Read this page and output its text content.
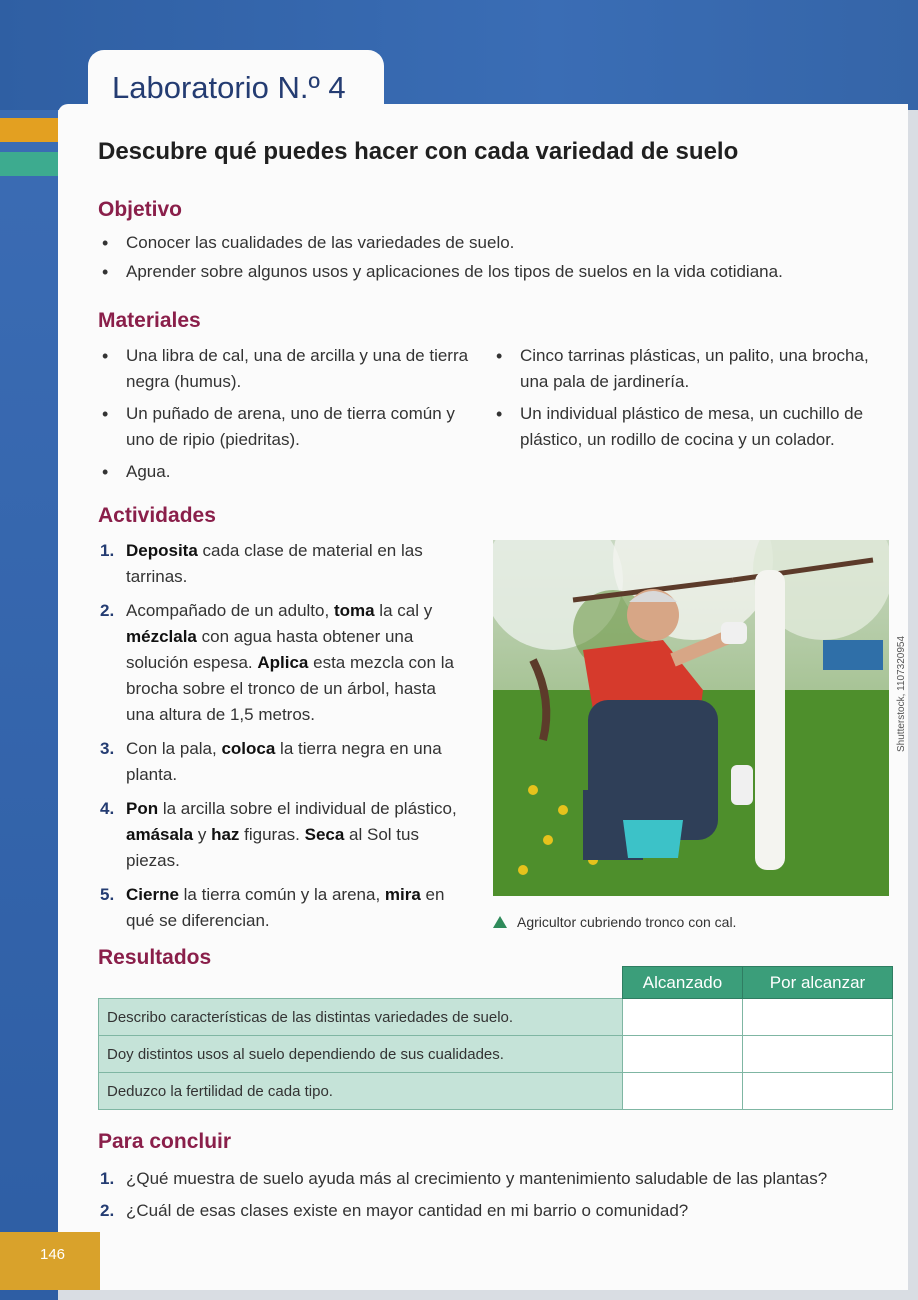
Laboratorio N.º 4
Descubre qué puedes hacer con cada variedad de suelo
Objetivo
• Conocer las cualidades de las variedades de suelo.
• Aprender sobre algunos usos y aplicaciones de los tipos de suelos en la vida cotidiana.
Materiales
• Una libra de cal, una de arcilla y una de tierra negra (humus).
• Un puñado de arena, uno de tierra común y uno de ripio (piedritas).
• Agua.
• Cinco tarrinas plásticas, un palito, una brocha, una pala de jardinería.
• Un individual plástico de mesa, un cuchillo de plástico, un rodillo de cocina y un colador.
Actividades
1. Deposita cada clase de material en las tarrinas.
2. Acompañado de un adulto, toma la cal y mézclala con agua hasta obtener una solución espesa. Aplica esta mezcla con la brocha sobre el tronco de un árbol, hasta una altura de 1,5 metros.
3. Con la pala, coloca la tierra negra en una planta.
4. Pon la arcilla sobre el individual de plástico, amásala y haz figuras. Seca al Sol tus piezas.
5. Cierne la tierra común y la arena, mira en qué se diferencian.
Shutterstock, 1107320954
Agricultor cubriendo tronco con cal.
Resultados
	Alcanzado	Por alcanzar
Describo características de las distintas variedades de suelo.		
Doy distintos usos al suelo dependiendo de sus cualidades.		
Deduzco la fertilidad de cada tipo.		
Para concluir
1. ¿Qué muestra de suelo ayuda más al crecimiento y mantenimiento saludable de las plantas?
2. ¿Cuál de esas clases existe en mayor cantidad en mi barrio o comunidad?
146
